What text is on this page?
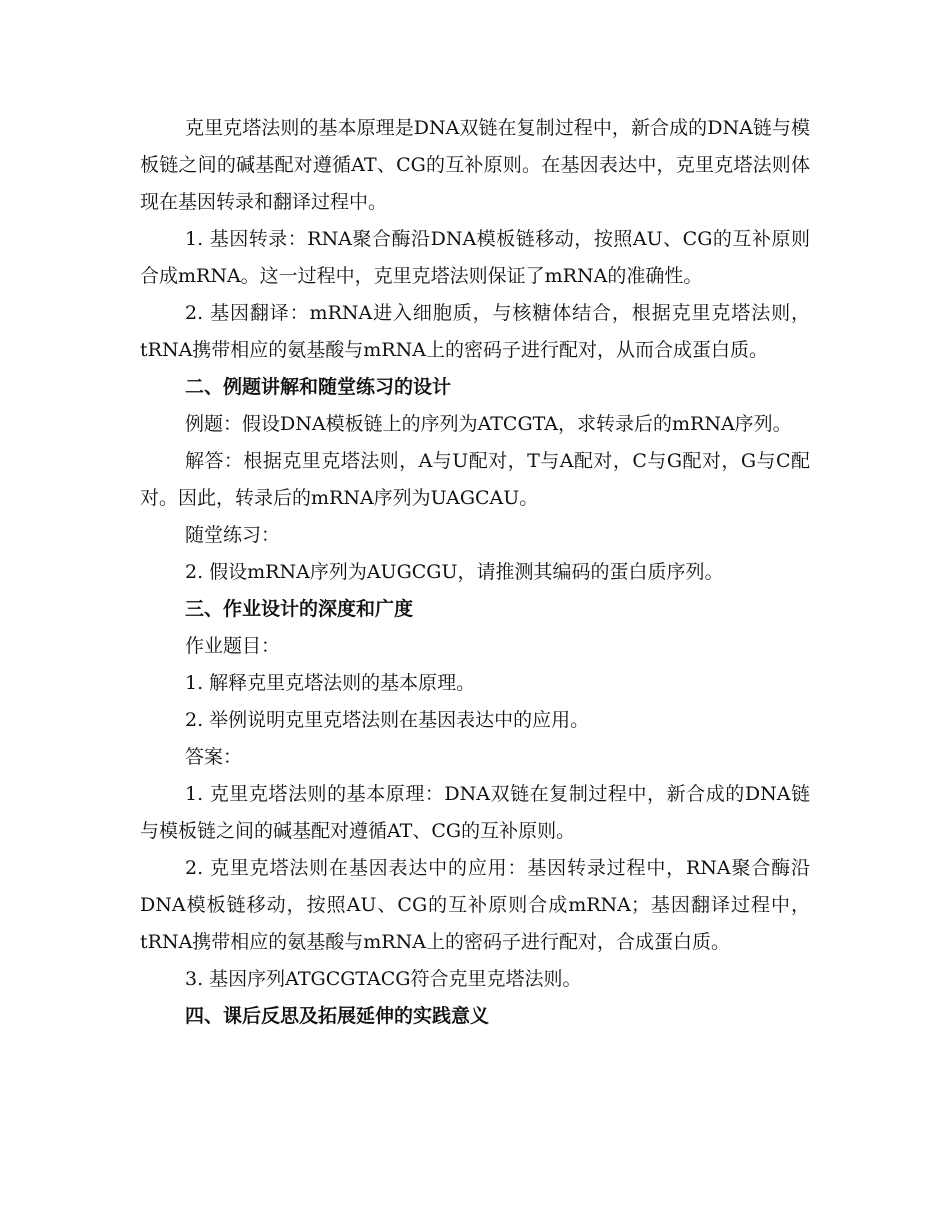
克里克塔法则的基本原理是DNA双链在复制过程中，新合成的DNA链与模板链之间的碱基配对遵循AT、CG的互补原则。在基因表达中，克里克塔法则体现在基因转录和翻译过程中。

1. 基因转录：RNA聚合酶沿DNA模板链移动，按照AU、CG的互补原则合成mRNA。这一过程中，克里克塔法则保证了mRNA的准确性。

2. 基因翻译：mRNA进入细胞质，与核糖体结合，根据克里克塔法则，tRNA携带相应的氨基酸与mRNA上的密码子进行配对，从而合成蛋白质。

二、例题讲解和随堂练习的设计

例题：假设DNA模板链上的序列为ATCGTA，求转录后的mRNA序列。

解答：根据克里克塔法则，A与U配对，T与A配对，C与G配对，G与C配对。因此，转录后的mRNA序列为UAGCAU。

随堂练习：

2. 假设mRNA序列为AUGCGU，请推测其编码的蛋白质序列。

三、作业设计的深度和广度

作业题目：

1. 解释克里克塔法则的基本原理。

2. 举例说明克里克塔法则在基因表达中的应用。

答案：

1. 克里克塔法则的基本原理：DNA双链在复制过程中，新合成的DNA链与模板链之间的碱基配对遵循AT、CG的互补原则。

2. 克里克塔法则在基因表达中的应用：基因转录过程中，RNA聚合酶沿DNA模板链移动，按照AU、CG的互补原则合成mRNA；基因翻译过程中，tRNA携带相应的氨基酸与mRNA上的密码子进行配对，合成蛋白质。

3. 基因序列ATGCGTACG符合克里克塔法则。

四、课后反思及拓展延伸的实践意义
